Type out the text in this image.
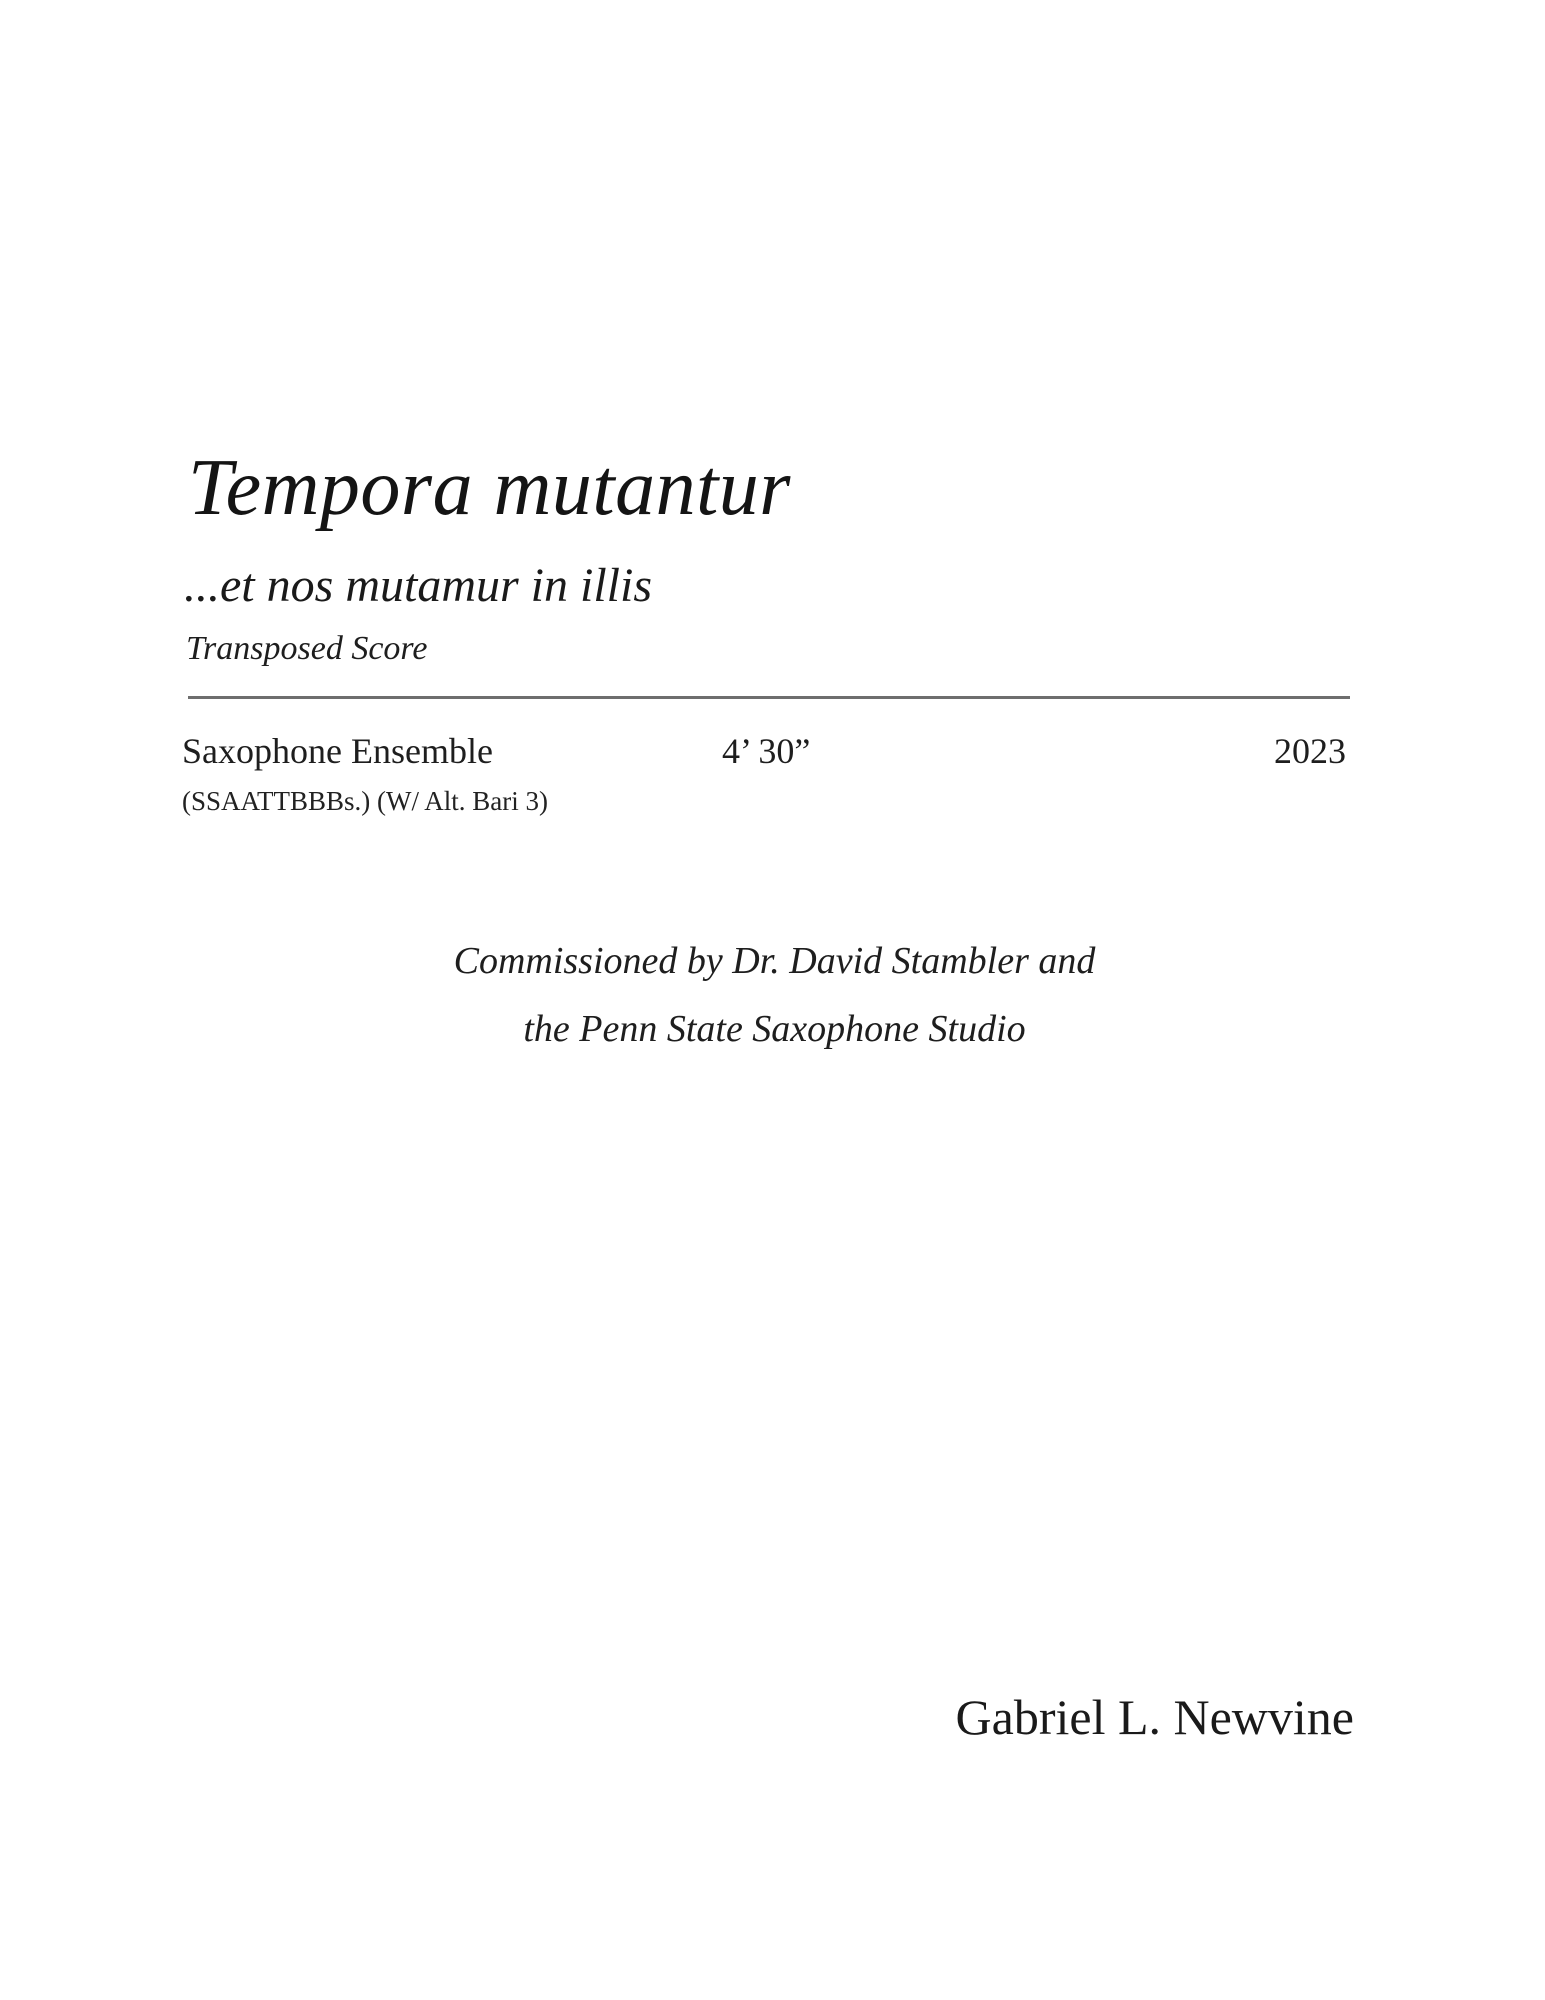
Tempora mutantur
...et nos mutamur in illis
Transposed Score
Saxophone Ensemble
(SSAATTBBBs.) (W/ Alt. Bari 3)
4’ 30”	2023
Commissioned by Dr. David Stambler and
the Penn State Saxophone Studio
Gabriel L. Newvine
